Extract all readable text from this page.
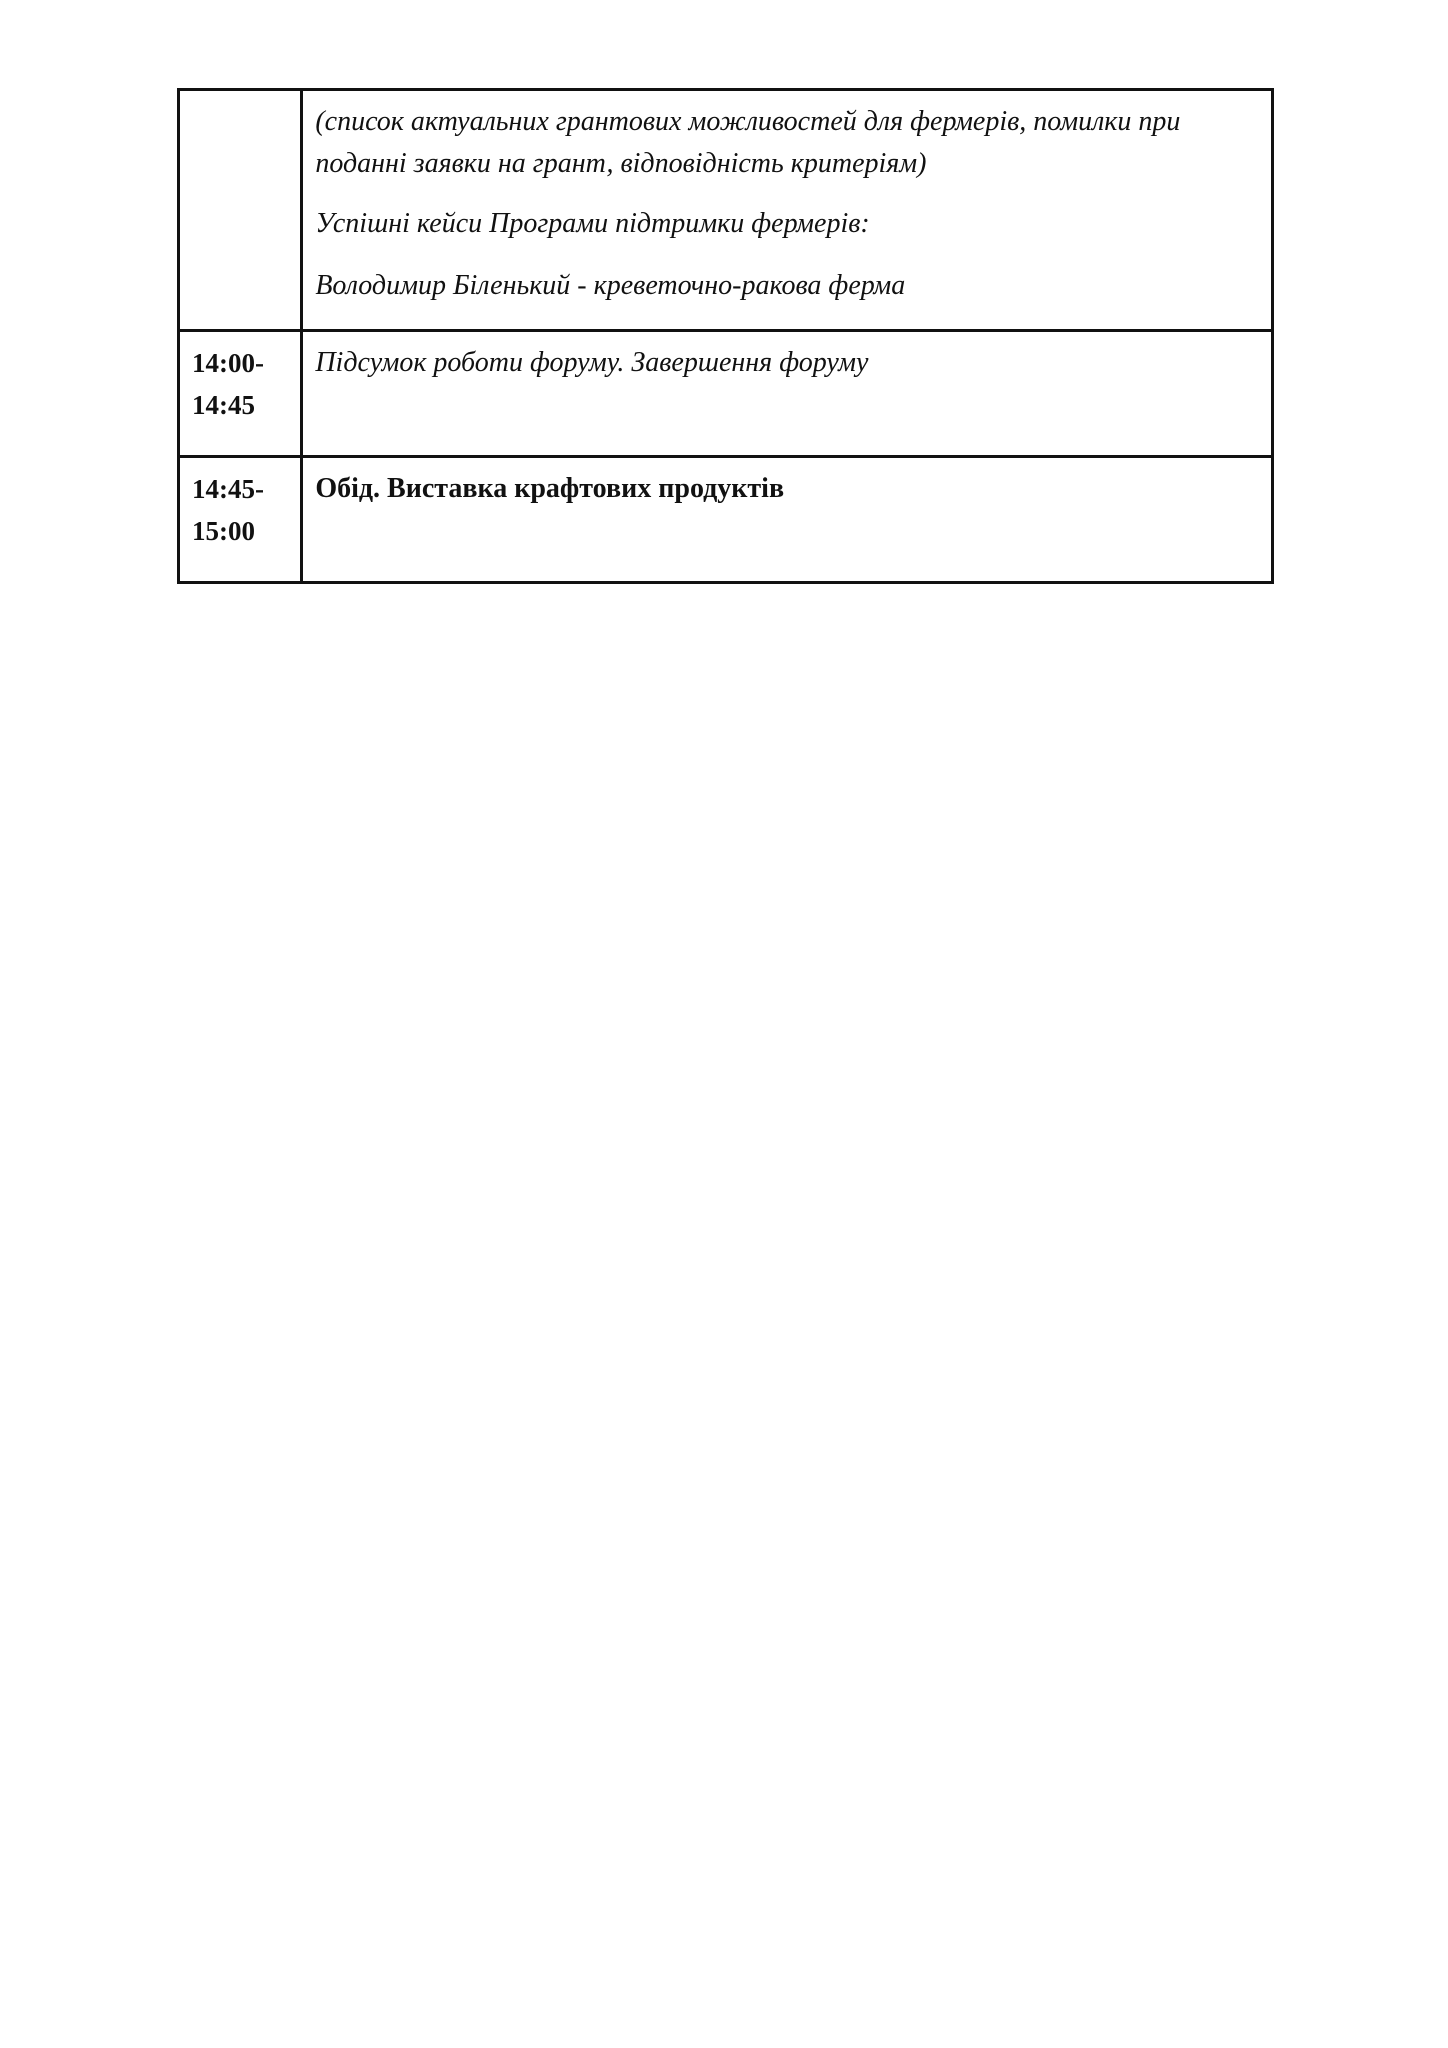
	(список актуальних грантових можливостей для фермерів, помилки при поданні заявки на грант, відповідність критеріям)

Успішні кейси Програми підтримки фермерів:

Володимир Біленький - креветочно-ракова ферма

14:00-
14:45	Підсумок роботи форуму. Завершення форуму

14:45-
15:00	Обід. Виставка крафтових продуктів
